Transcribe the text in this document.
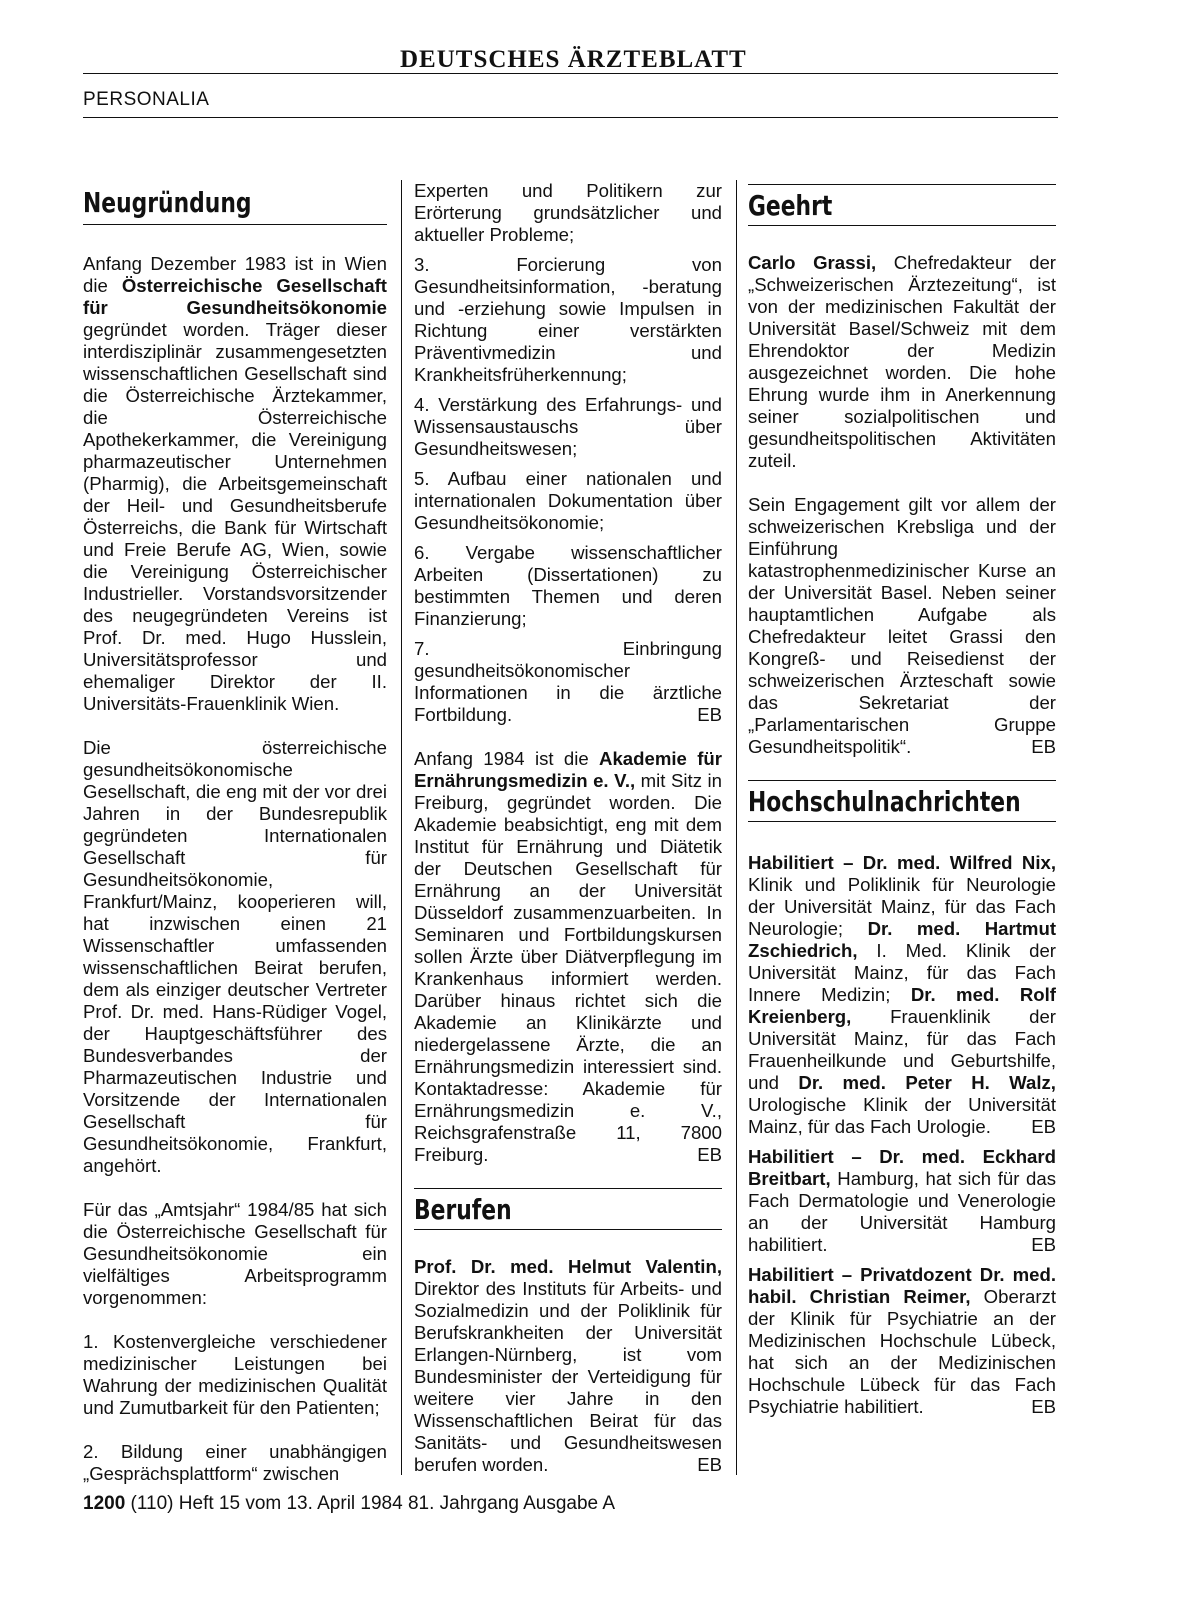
DEUTSCHES ÄRZTEBLATT
PERSONALIA
Neugründung

Anfang Dezember 1983 ist in Wien die Österreichische Gesellschaft für Gesundheitsökonomie gegründet worden. Träger dieser interdisziplinär zusammengesetzten wissenschaftlichen Gesellschaft sind die Österreichische Ärztekammer, die Österreichische Apothekerkammer, die Vereinigung pharmazeutischer Unternehmen (Pharmig), die Arbeitsgemeinschaft der Heil- und Gesundheitsberufe Österreichs, die Bank für Wirtschaft und Freie Berufe AG, Wien, sowie die Vereinigung Österreichischer Industrieller. Vorstandsvorsitzender des neugegründeten Vereins ist Prof. Dr. med. Hugo Husslein, Universitätsprofessor und ehemaliger Direktor der II. Universitäts-Frauenklinik Wien.

Die österreichische gesundheitsökonomische Gesellschaft, die eng mit der vor drei Jahren in der Bundesrepublik gegründeten Internationalen Gesellschaft für Gesundheitsökonomie, Frankfurt/Mainz, kooperieren will, hat inzwischen einen 21 Wissenschaftler umfassenden wissenschaftlichen Beirat berufen, dem als einziger deutscher Vertreter Prof. Dr. med. Hans-Rüdiger Vogel, der Hauptgeschäftsführer des Bundesverbandes der Pharmazeutischen Industrie und Vorsitzende der Internationalen Gesellschaft für Gesundheitsökonomie, Frankfurt, angehört.

Für das „Amtsjahr“ 1984/85 hat sich die Österreichische Gesellschaft für Gesundheitsökonomie ein vielfältiges Arbeitsprogramm vorgenommen:

1. Kostenvergleiche verschiedener medizinischer Leistungen bei Wahrung der medizinischen Qualität und Zumutbarkeit für den Patienten;

2. Bildung einer unabhängigen „Gesprächsplattform“ zwischen

Experten und Politikern zur Erörterung grundsätzlicher und aktueller Probleme;

3. Forcierung von Gesundheitsinformation, -beratung und -erziehung sowie Impulsen in Richtung einer verstärkten Präventivmedizin und Krankheitsfrüherkennung;

4. Verstärkung des Erfahrungs- und Wissensaustauschs über Gesundheitswesen;

5. Aufbau einer nationalen und internationalen Dokumentation über Gesundheitsökonomie;

6. Vergabe wissenschaftlicher Arbeiten (Dissertationen) zu bestimmten Themen und deren Finanzierung;

7. Einbringung gesundheitsökonomischer Informationen in die ärztliche Fortbildung.	EB

Anfang 1984 ist die Akademie für Ernährungsmedizin e. V., mit Sitz in Freiburg, gegründet worden. Die Akademie beabsichtigt, eng mit dem Institut für Ernährung und Diätetik der Deutschen Gesellschaft für Ernährung an der Universität Düsseldorf zusammenzuarbeiten. In Seminaren und Fortbildungskursen sollen Ärzte über Diätverpflegung im Krankenhaus informiert werden. Darüber hinaus richtet sich die Akademie an Klinikärzte und niedergelassene Ärzte, die an Ernährungsmedizin interessiert sind. Kontaktadresse: Akademie für Ernährungsmedizin e. V., Reichsgrafenstraße 11, 7800 Freiburg.	EB

Berufen

Prof. Dr. med. Helmut Valentin, Direktor des Instituts für Arbeits- und Sozialmedizin und der Poliklinik für Berufskrankheiten der Universität Erlangen-Nürnberg, ist vom Bundesminister der Verteidigung für weitere vier Jahre in den Wissenschaftlichen Beirat für das Sanitäts- und Gesundheitswesen berufen worden.	EB

Geehrt

Carlo Grassi, Chefredakteur der „Schweizerischen Ärztezeitung“, ist von der medizinischen Fakultät der Universität Basel/Schweiz mit dem Ehrendoktor der Medizin ausgezeichnet worden. Die hohe Ehrung wurde ihm in Anerkennung seiner sozialpolitischen und gesundheitspolitischen Aktivitäten zuteil.

Sein Engagement gilt vor allem der schweizerischen Krebsliga und der Einführung katastrophenmedizinischer Kurse an der Universität Basel. Neben seiner hauptamtlichen Aufgabe als Chefredakteur leitet Grassi den Kongreß- und Reisedienst der schweizerischen Ärzteschaft sowie das Sekretariat der „Parlamentarischen Gruppe Gesundheitspolitik“.	EB

Hochschulnachrichten

Habilitiert – Dr. med. Wilfred Nix, Klinik und Poliklinik für Neurologie der Universität Mainz, für das Fach Neurologie; Dr. med. Hartmut Zschiedrich, I. Med. Klinik der Universität Mainz, für das Fach Innere Medizin; Dr. med. Rolf Kreienberg, Frauenklinik der Universität Mainz, für das Fach Frauenheilkunde und Geburtshilfe, und Dr. med. Peter H. Walz, Urologische Klinik der Universität Mainz, für das Fach Urologie. EB

Habilitiert – Dr. med. Eckhard Breitbart, Hamburg, hat sich für das Fach Dermatologie und Venerologie an der Universität Hamburg habilitiert.	EB

Habilitiert – Privatdozent Dr. med. habil. Christian Reimer, Oberarzt der Klinik für Psychiatrie an der Medizinischen Hochschule Lübeck, hat sich an der Medizinischen Hochschule Lübeck für das Fach Psychiatrie habilitiert.	EB

1200 (110) Heft 15 vom 13. April 1984 81. Jahrgang Ausgabe A
